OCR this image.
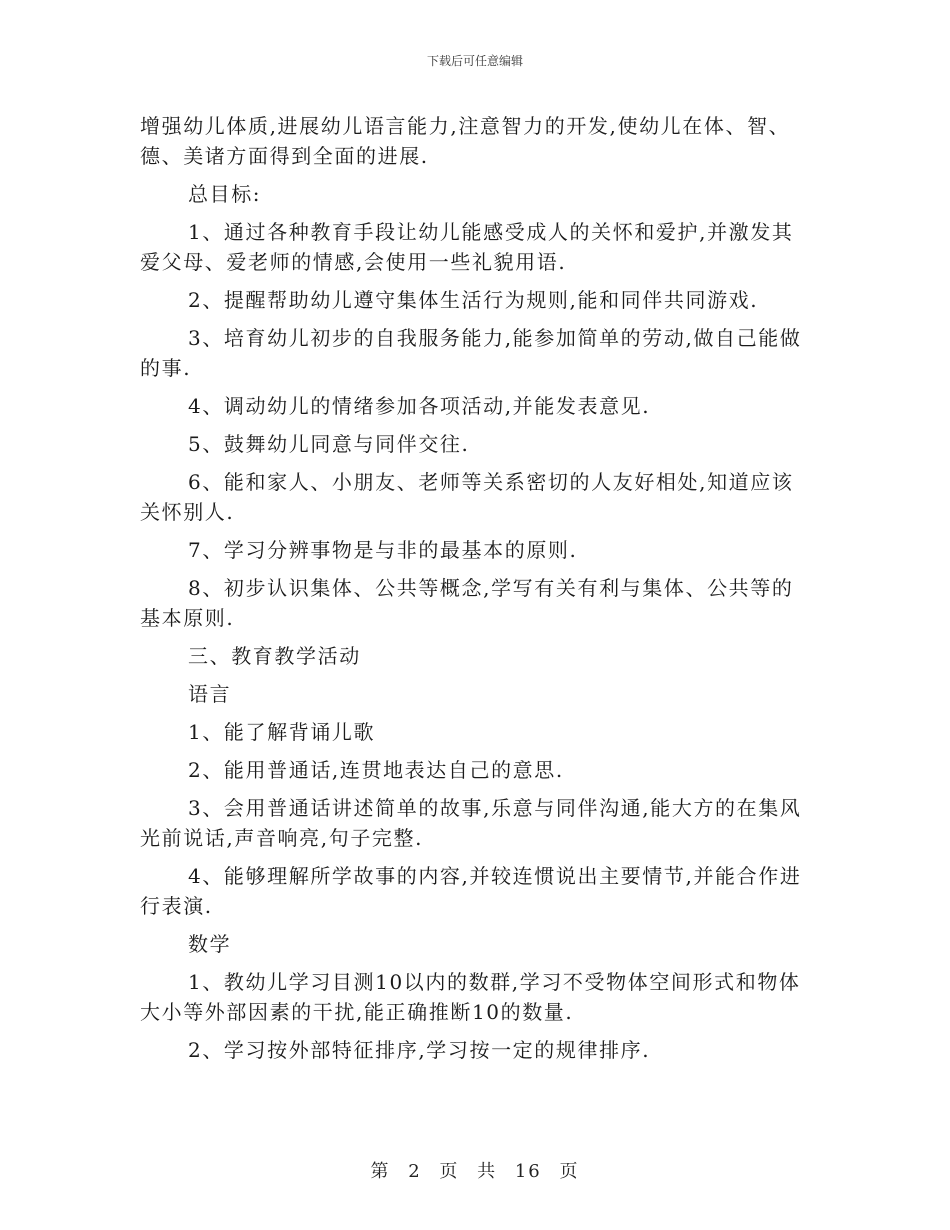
下载后可任意编辑

增强幼儿体质,进展幼儿语言能力,注意智力的开发,使幼儿在体、智、德、美诸方面得到全面的进展.

总目标:

1、通过各种教育手段让幼儿能感受成人的关怀和爱护,并激发其爱父母、爱老师的情感,会使用一些礼貌用语.

2、提醒帮助幼儿遵守集体生活行为规则,能和同伴共同游戏.

3、培育幼儿初步的自我服务能力,能参加简单的劳动,做自己能做的事.

4、调动幼儿的情绪参加各项活动,并能发表意见.

5、鼓舞幼儿同意与同伴交往.

6、能和家人、小朋友、老师等关系密切的人友好相处,知道应该关怀别人.

7、学习分辨事物是与非的最基本的原则.

8、初步认识集体、公共等概念,学写有关有利与集体、公共等的基本原则.

三、教育教学活动

语言

1、能了解背诵儿歌

2、能用普通话,连贯地表达自己的意思.

3、会用普通话讲述简单的故事,乐意与同伴沟通,能大方的在集风光前说话,声音响亮,句子完整.

4、能够理解所学故事的内容,并较连惯说出主要情节,并能合作进行表演.

数学

1、教幼儿学习目测10以内的数群,学习不受物体空间形式和物体大小等外部因素的干扰,能正确推断10的数量.

2、学习按外部特征排序,学习按一定的规律排序.

第 2 页 共 16 页
